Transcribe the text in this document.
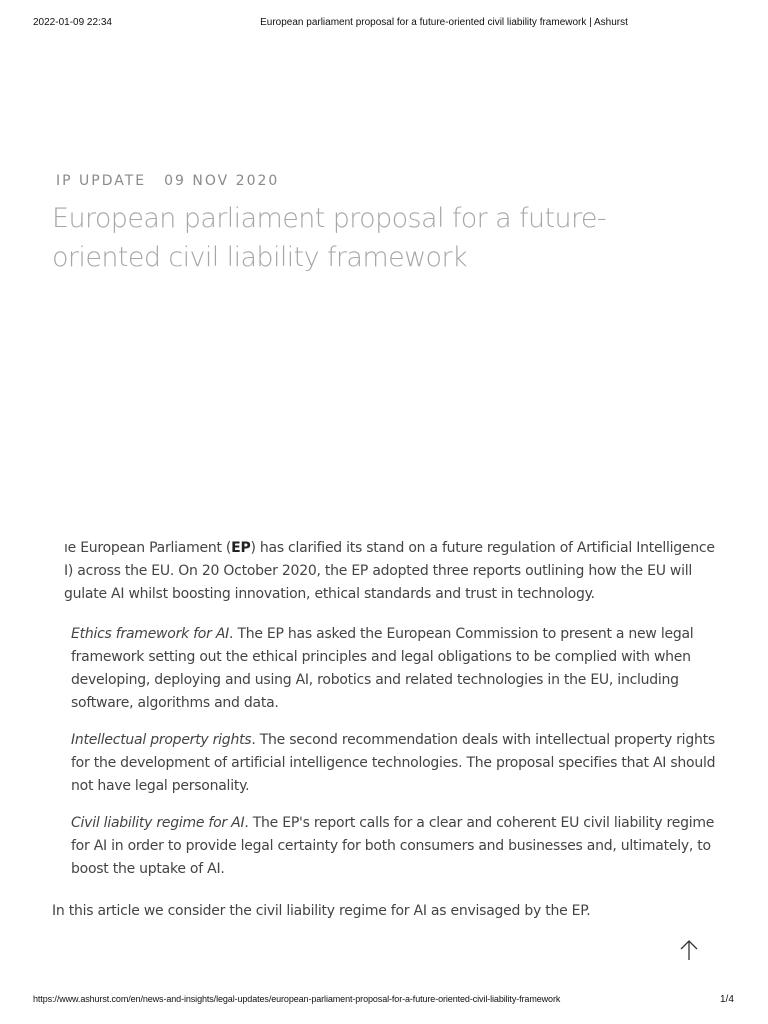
2022-01-09 22:34	European parliament proposal for a future-oriented civil liability framework | Ashurst
IP UPDATE 09 NOV 2020
European parliament proposal for a future-oriented civil liability framework

ıe European Parliament (EP) has clarified its stand on a future regulation of Artificial Intelligence
I) across the EU. On 20 October 2020, the EP adopted three reports outlining how the EU will
gulate AI whilst boosting innovation, ethical standards and trust in technology.

Ethics framework for AI. The EP has asked the European Commission to present a new legal framework setting out the ethical principles and legal obligations to be complied with when developing, deploying and using AI, robotics and related technologies in the EU, including software, algorithms and data.
Intellectual property rights. The second recommendation deals with intellectual property rights for the development of artificial intelligence technologies. The proposal specifies that AI should not have legal personality.
Civil liability regime for AI. The EP's report calls for a clear and coherent EU civil liability regime for AI in order to provide legal certainty for both consumers and businesses and, ultimately, to boost the uptake of AI.

In this article we consider the civil liability regime for AI as envisaged by the EP.

https://www.ashurst.com/en/news-and-insights/legal-updates/european-parliament-proposal-for-a-future-oriented-civil-liability-framework	1/4
